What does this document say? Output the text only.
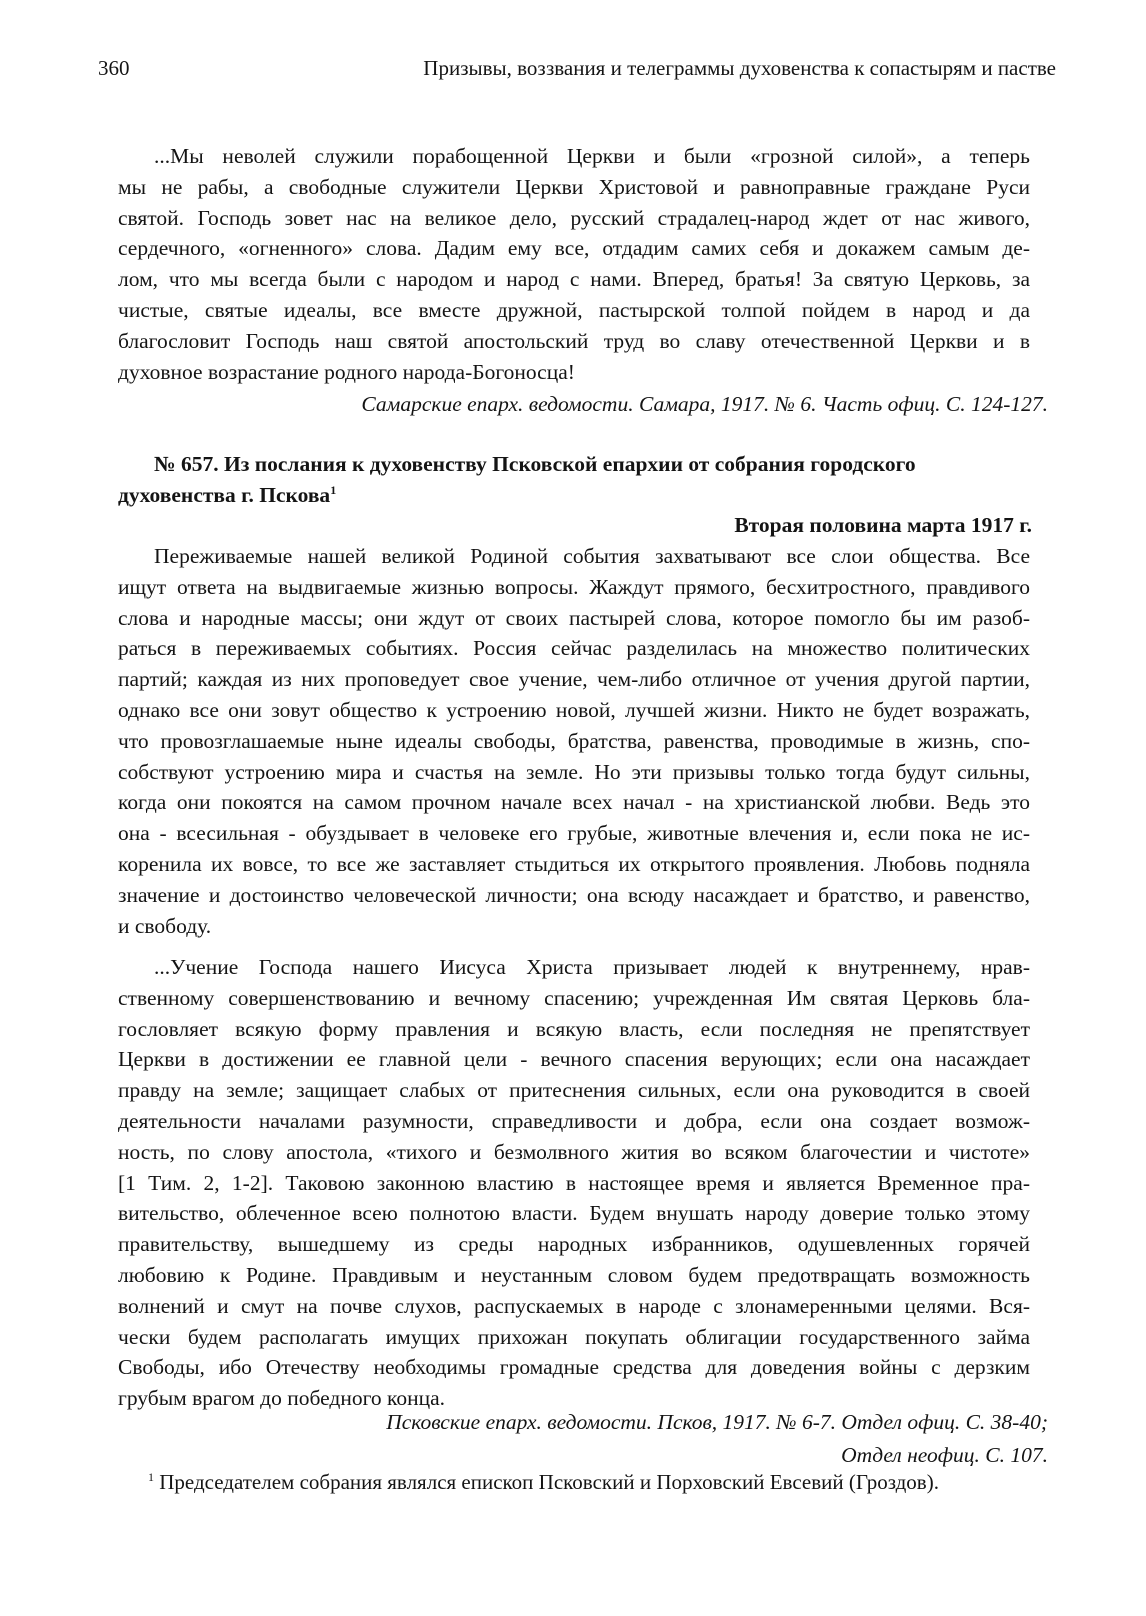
360	Призывы, воззвания и телеграммы духовенства к сопастырям и пастве
...Мы неволей служили порабощенной Церкви и были «грозной силой», а теперь
мы не рабы, а свободные служители Церкви Христовой и равноправные граждане Руси
святой. Господь зовет нас на великое дело, русский страдалец-народ ждет от нас живого,
сердечного, «огненного» слова. Дадим ему все, отдадим самих себя и докажем самым де-
лом, что мы всегда были с народом и народ с нами. Вперед, братья! За святую Церковь, за
чистые, святые идеалы, все вместе дружной, пастырской толпой пойдем в народ и да
благословит Господь наш святой апостольский труд во славу отечественной Церкви и в
духовное возрастание родного народа-Богоносца!
Самарские епарх. ведомости. Самара, 1917. № 6. Часть офиц. С. 124-127.
№ 657. Из послания к духовенству Псковской епархии от собрания городского
духовенства г. Пскова$^1$
Вторая половина марта 1917 г.
Переживаемые нашей великой Родиной события захватывают все слои общества. Все
ищут ответа на выдвигаемые жизнью вопросы. Жаждут прямого, бесхитростного, правдивого
слова и народные массы; они ждут от своих пастырей слова, которое помогло бы им разоб-
раться в переживаемых событиях. Россия сейчас разделилась на множество политических
партий; каждая из них проповедует свое учение, чем-либо отличное от учения другой партии,
однако все они зовут общество к устроению новой, лучшей жизни. Никто не будет возражать,
что провозглашаемые ныне идеалы свободы, братства, равенства, проводимые в жизнь, спо-
собствуют устроению мира и счастья на земле. Но эти призывы только тогда будут сильны,
когда они покоятся на самом прочном начале всех начал - на христианской любви. Ведь это
она - всесильная - обуздывает в человеке его грубые, животные влечения и, если пока не ис-
коренила их вовсе, то все же заставляет стыдиться их открытого проявления. Любовь подняла
значение и достоинство человеческой личности; она всюду насаждает и братство, и равенство,
и свободу.
...Учение Господа нашего Иисуса Христа призывает людей к внутреннему, нрав-
ственному совершенствованию и вечному спасению; учрежденная Им святая Церковь бла-
гословляет всякую форму правления и всякую власть, если последняя не препятствует
Церкви в достижении ее главной цели - вечного спасения верующих; если она насаждает
правду на земле; защищает слабых от притеснения сильных, если она руководится в своей
деятельности началами разумности, справедливости и добра, если она создает возмож-
ность, по слову апостола, «тихого и безмолвного жития во всяком благочестии и чистоте»
[1 Тим. 2, 1-2]. Таковою законною властию в настоящее время и является Временное пра-
вительство, облеченное всею полнотою власти. Будем внушать народу доверие только этому
правительству, вышедшему из среды народных избранников, одушевленных горячей
любовию к Родине. Правдивым и неустанным словом будем предотвращать возможность
волнений и смут на почве слухов, распускаемых в народе с злонамеренными целями. Вся-
чески будем располагать имущих прихожан покупать облигации государственного займа
Свободы, ибо Отечеству необходимы громадные средства для доведения войны с дерзким
грубым врагом до победного конца.
Псковские епарх. ведомости. Псков, 1917. № 6-7. Отдел офиц. С. 38-40;
Отдел неофиц. С. 107.
$^1$ Председателем собрания являлся епископ Псковский и Порховский Евсевий (Гроздов).
